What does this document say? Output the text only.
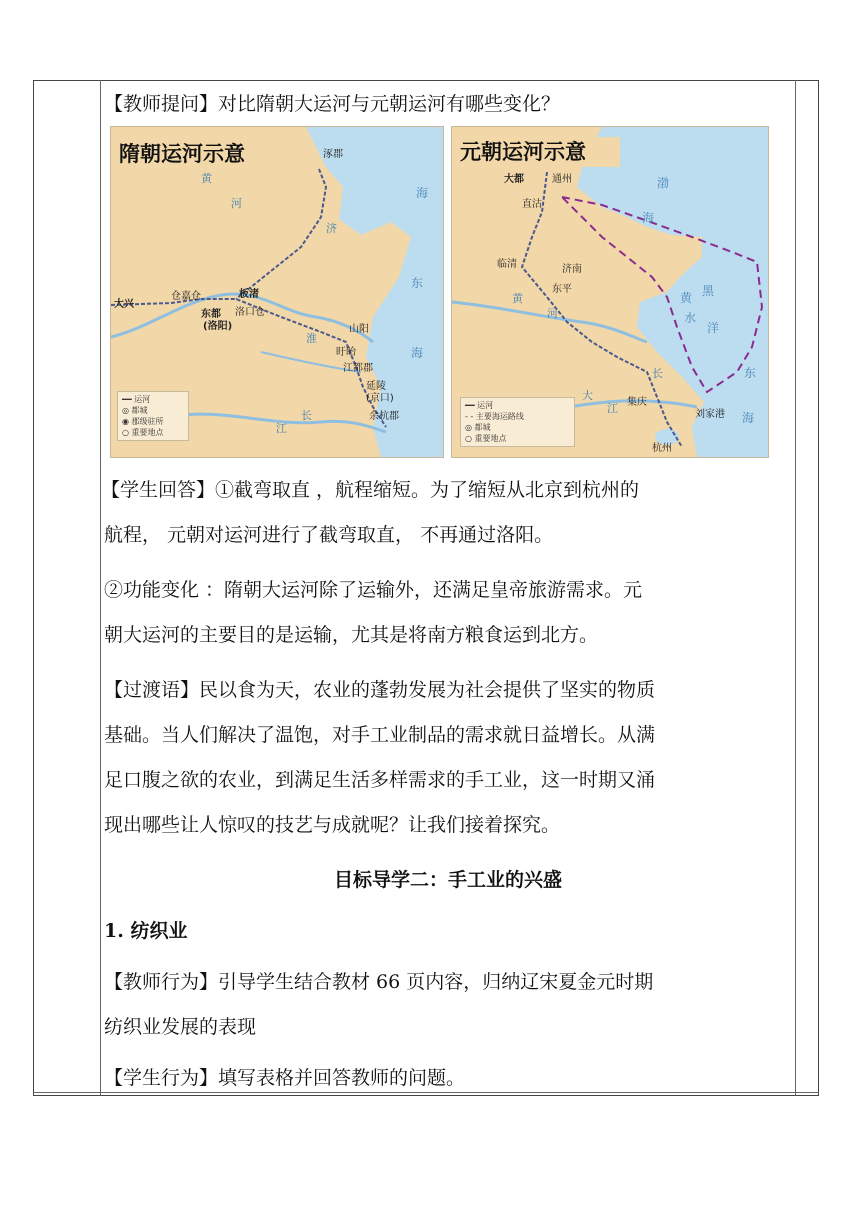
【教师提问】对比隋朝大运河与元朝运河有哪些变化？

隋朝运河示意	涿郡
大兴
仓嘉仓
东都
(洛阳)
板渚
洛口仓
山阳
盱眙
江都郡
延陵
(京口)
余杭郡
黄
河
济
淮
长
江
海
东
海
━━ 运河
◎ 都城
◉ 郡级驻所
○ 重要地点
元朝运河示意
大都	通州
直沽
临清	济南
东平
集庆
刘家港
杭州
渤
海
黄 黑
水
洋
东
海
黄
河
大
江
长
━━ 运河
- - 主要海运路线
◎ 都城
○ 重要地点

【学生回答】①截弯取直 ，航程缩短。为了缩短从北京到杭州的

航程， 元朝对运河进行了截弯取直， 不再通过洛阳。

②功能变化 ：隋朝大运河除了运输外，还满足皇帝旅游需求。元

朝大运河的主要目的是运输，尤其是将南方粮食运到北方。

【过渡语】民以食为天，农业的蓬勃发展为社会提供了坚实的物质

基础。当人们解决了温饱，对手工业制品的需求就日益增长。从满

足口腹之欲的农业，到满足生活多样需求的手工业，这一时期又涌

现出哪些让人惊叹的技艺与成就呢？让我们接着探究。

目标导学二：手工业的兴盛

1. 纺织业

【教师行为】引导学生结合教材 66 页内容，归纳辽宋夏金元时期

纺织业发展的表现

【学生行为】填写表格并回答教师的问题。
